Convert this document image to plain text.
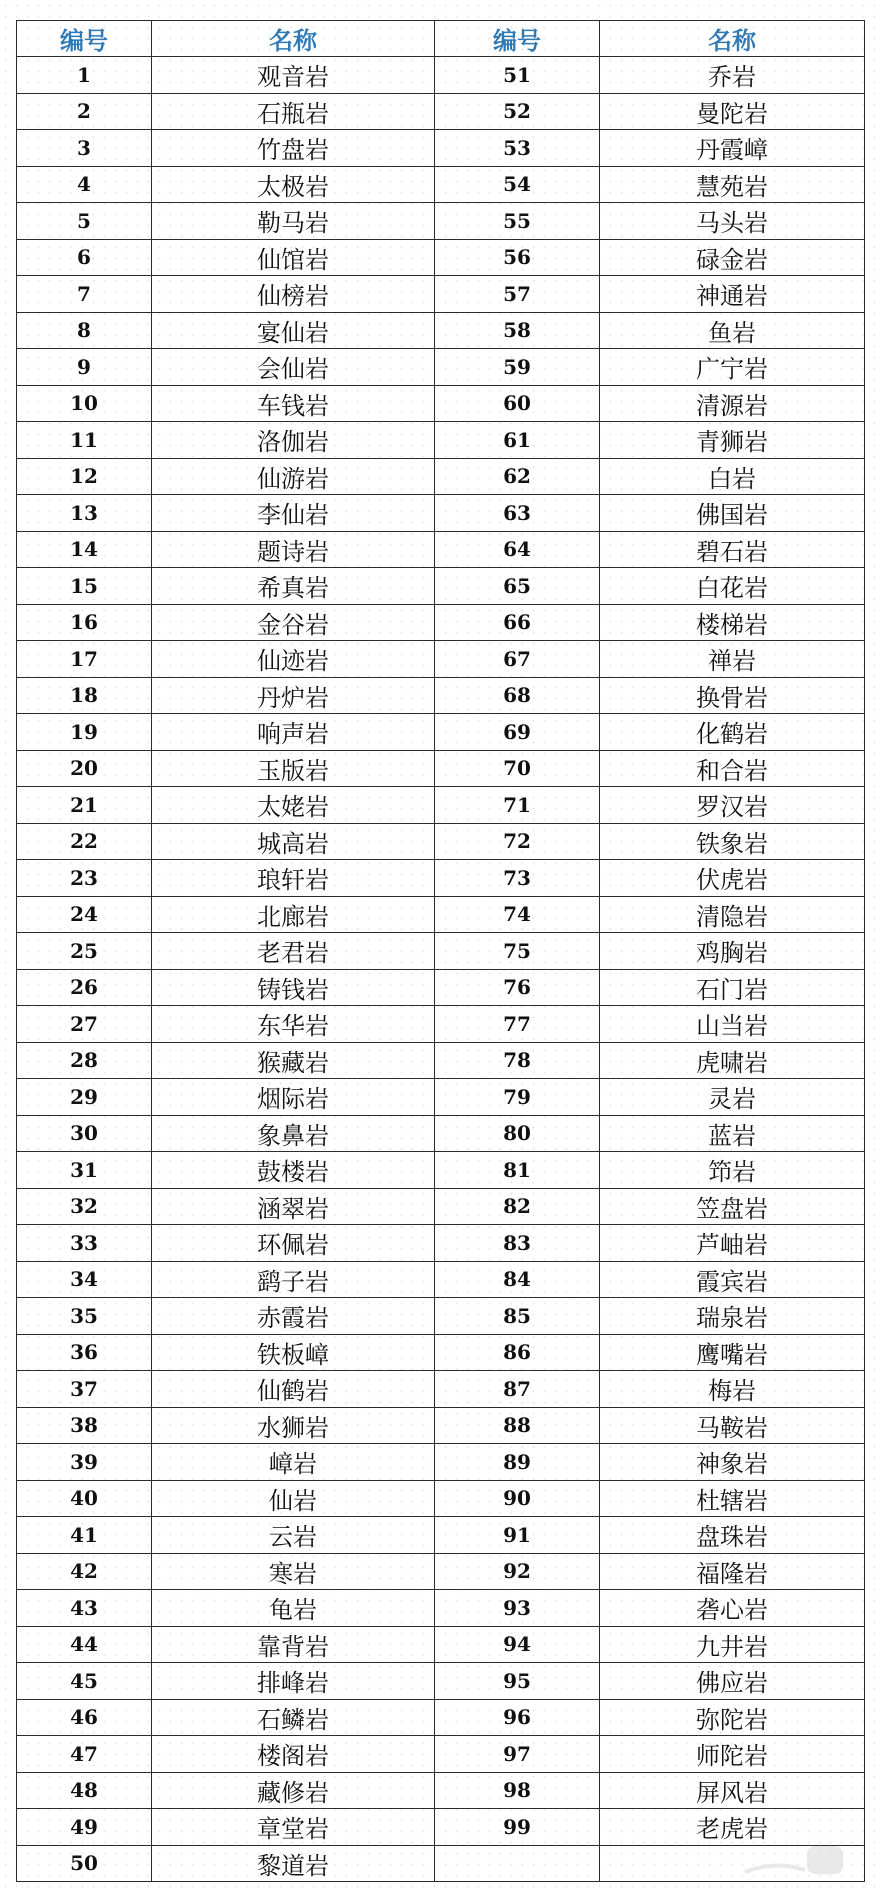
编号	名称	编号	名称
1	观音岩	51	乔岩
2	石瓶岩	52	曼陀岩
3	竹盘岩	53	丹霞嶂
4	太极岩	54	慧苑岩
5	勒马岩	55	马头岩
6	仙馆岩	56	碌金岩
7	仙榜岩	57	神通岩
8	宴仙岩	58	鱼岩
9	会仙岩	59	广宁岩
10	车钱岩	60	清源岩
11	洛伽岩	61	青狮岩
12	仙游岩	62	白岩
13	李仙岩	63	佛国岩
14	题诗岩	64	碧石岩
15	希真岩	65	白花岩
16	金谷岩	66	楼梯岩
17	仙迹岩	67	禅岩
18	丹炉岩	68	换骨岩
19	响声岩	69	化鹤岩
20	玉版岩	70	和合岩
21	太姥岩	71	罗汉岩
22	城高岩	72	铁象岩
23	琅轩岩	73	伏虎岩
24	北廊岩	74	清隐岩
25	老君岩	75	鸡胸岩
26	铸钱岩	76	石门岩
27	东华岩	77	山当岩
28	猴藏岩	78	虎啸岩
29	烟际岩	79	灵岩
30	象鼻岩	80	蓝岩
31	鼓楼岩	81	笻岩
32	涵翠岩	82	笠盘岩
33	环佩岩	83	芦岫岩
34	鹞子岩	84	霞宾岩
35	赤霞岩	85	瑞泉岩
36	铁板嶂	86	鹰嘴岩
37	仙鹤岩	87	梅岩
38	水狮岩	88	马鞍岩
39	嶂岩	89	神象岩
40	仙岩	90	杜辖岩
41	云岩	91	盘珠岩
42	寒岩	92	福隆岩
43	龟岩	93	砻心岩
44	靠背岩	94	九井岩
45	排峰岩	95	佛应岩
46	石鳞岩	96	弥陀岩
47	楼阁岩	97	师陀岩
48	藏修岩	98	屏风岩
49	章堂岩	99	老虎岩
50	黎道岩		
